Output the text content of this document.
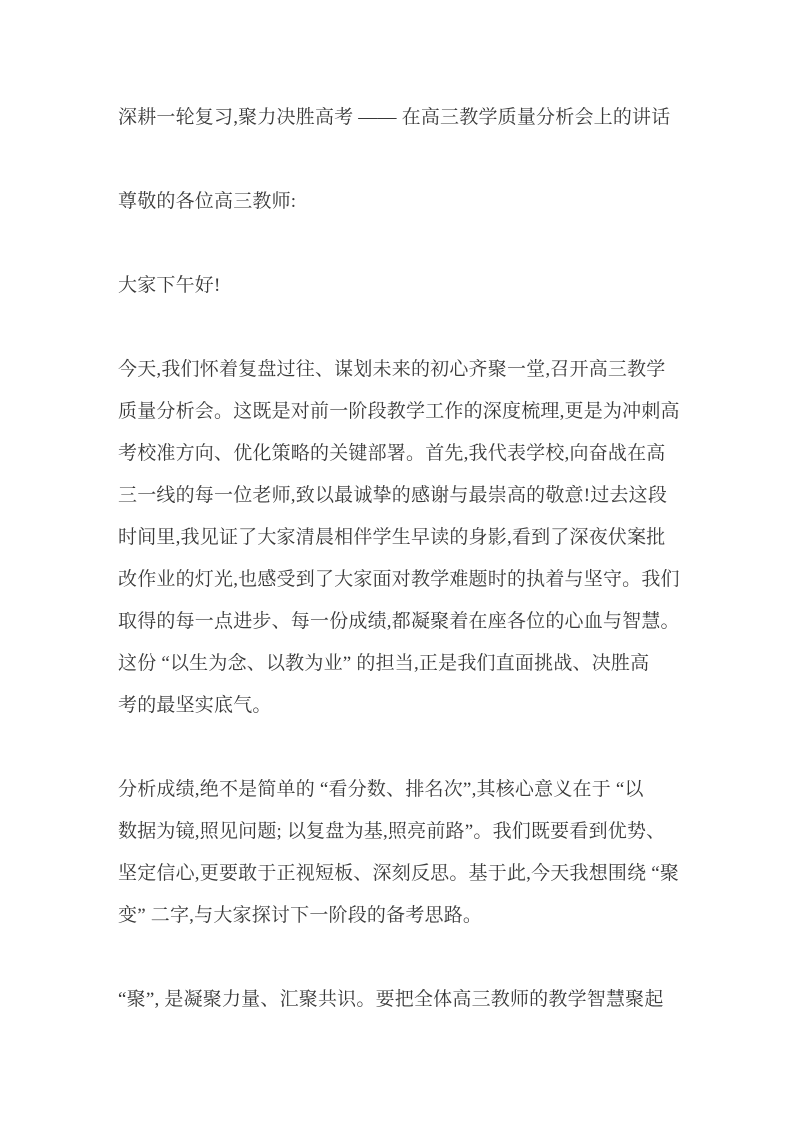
深耕一轮复习,聚力决胜高考 —— 在高三教学质量分析会上的讲话
尊敬的各位高三教师:
大家下午好!
今天,我们怀着复盘过往、谋划未来的初心齐聚一堂,召开高三教学
质量分析会。这既是对前一阶段教学工作的深度梳理,更是为冲刺高
考校准方向、优化策略的关键部署。首先,我代表学校,向奋战在高
三一线的每一位老师,致以最诚挚的感谢与最崇高的敬意!过去这段
时间里,我见证了大家清晨相伴学生早读的身影,看到了深夜伏案批
改作业的灯光,也感受到了大家面对教学难题时的执着与坚守。我们
取得的每一点进步、每一份成绩,都凝聚着在座各位的心血与智慧。
这份 “以生为念、以教为业” 的担当,正是我们直面挑战、决胜高
考的最坚实底气。
分析成绩,绝不是简单的 “看分数、排名次”,其核心意义在于 “以
数据为镜,照见问题; 以复盘为基,照亮前路”。我们既要看到优势、
坚定信心,更要敢于正视短板、深刻反思。基于此,今天我想围绕 “聚
变” 二字,与大家探讨下一阶段的备考思路。
“聚”, 是凝聚力量、汇聚共识。要把全体高三教师的教学智慧聚起
